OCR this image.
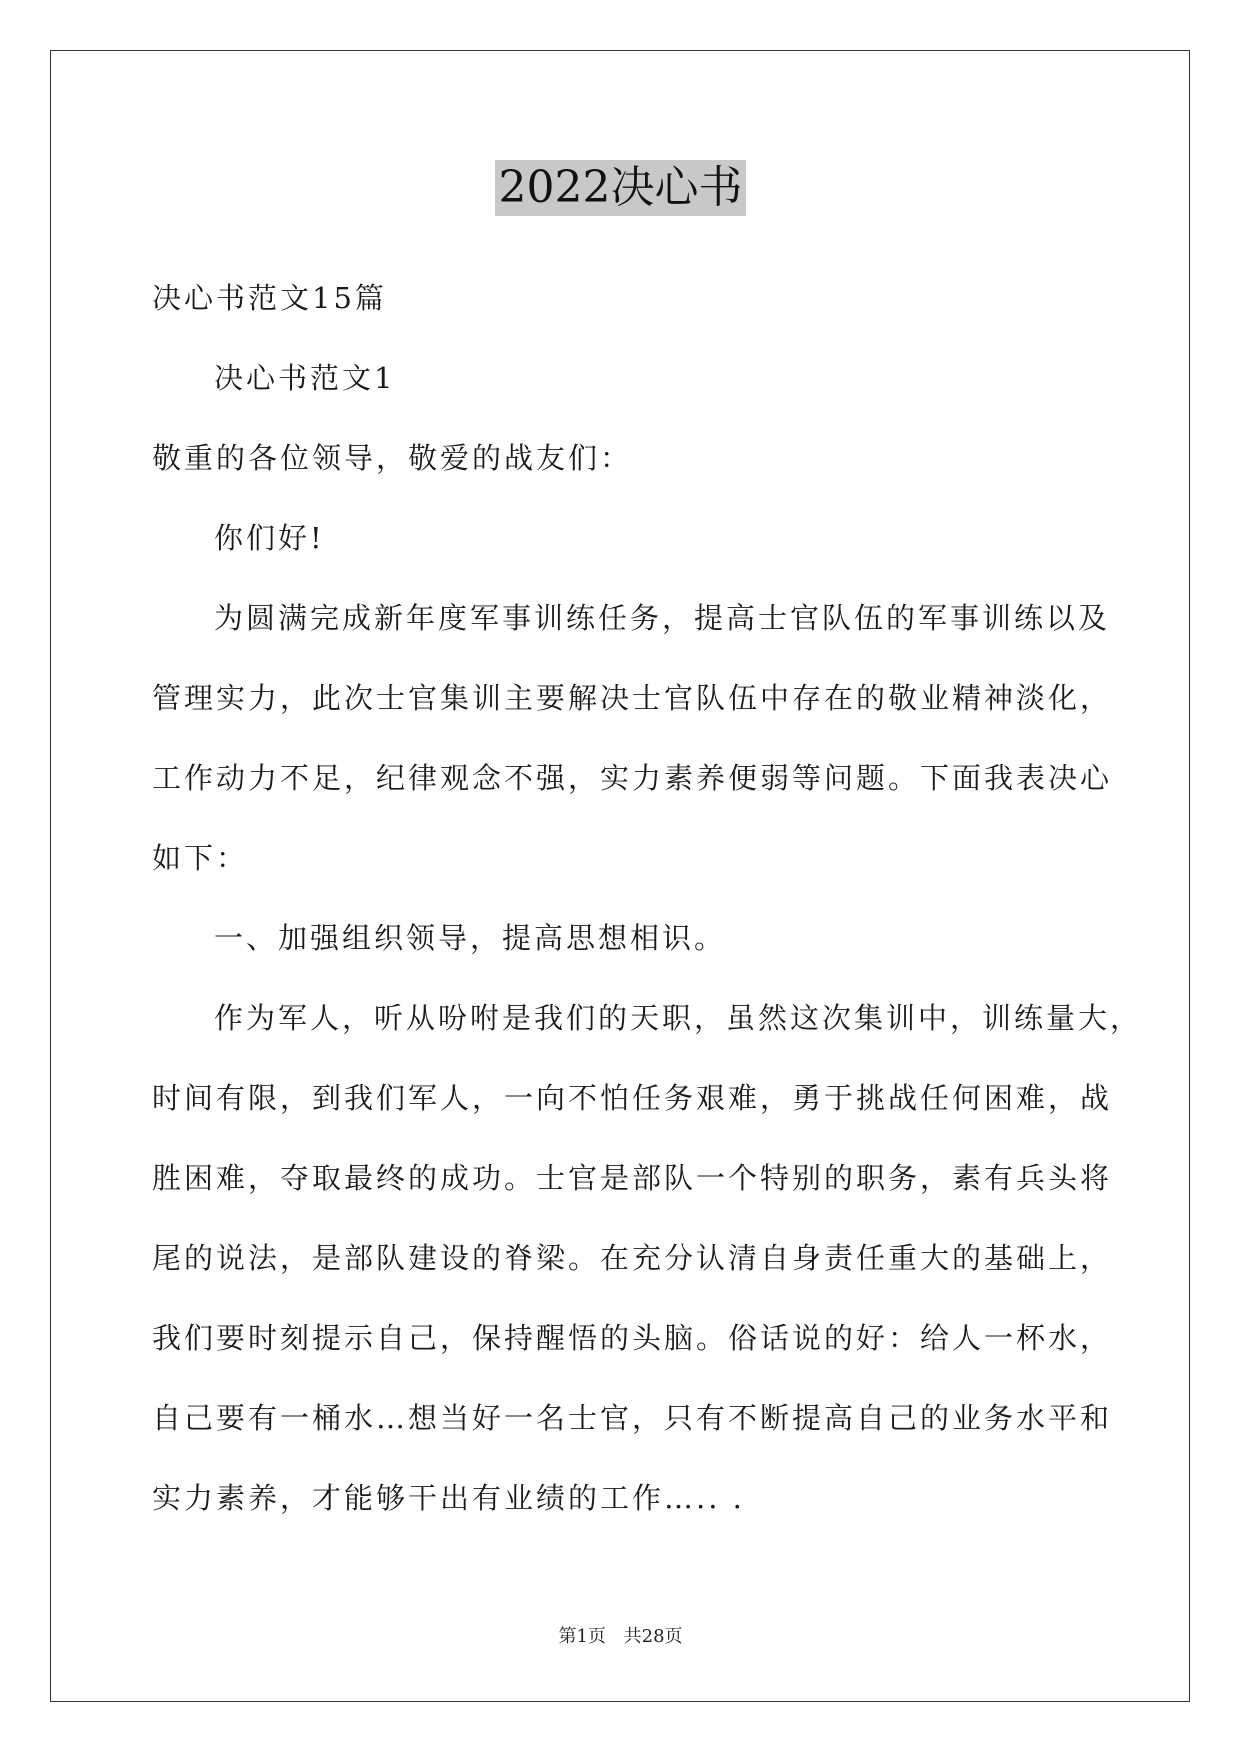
2022决心书
决心书范文15篇
决心书范文1
敬重的各位领导，敬爱的战友们：
你们好!
为圆满完成新年度军事训练任务，提高士官队伍的军事训练以及
管理实力，此次士官集训主要解决士官队伍中存在的敬业精神淡化，
工作动力不足，纪律观念不强，实力素养便弱等问题。下面我表决心
如下：
一、加强组织领导，提高思想相识。
作为军人，听从吩咐是我们的天职，虽然这次集训中，训练量大，
时间有限，到我们军人，一向不怕任务艰难，勇于挑战任何困难，战
胜困难，夺取最终的成功。士官是部队一个特别的职务，素有兵头将
尾的说法，是部队建设的脊梁。在充分认清自身责任重大的基础上，
我们要时刻提示自己，保持醒悟的头脑。俗话说的好：给人一杯水，
自己要有一桶水…想当好一名士官，只有不断提高自己的业务水平和
实力素养，才能够干出有业绩的工作….. .
第1页 共28页
